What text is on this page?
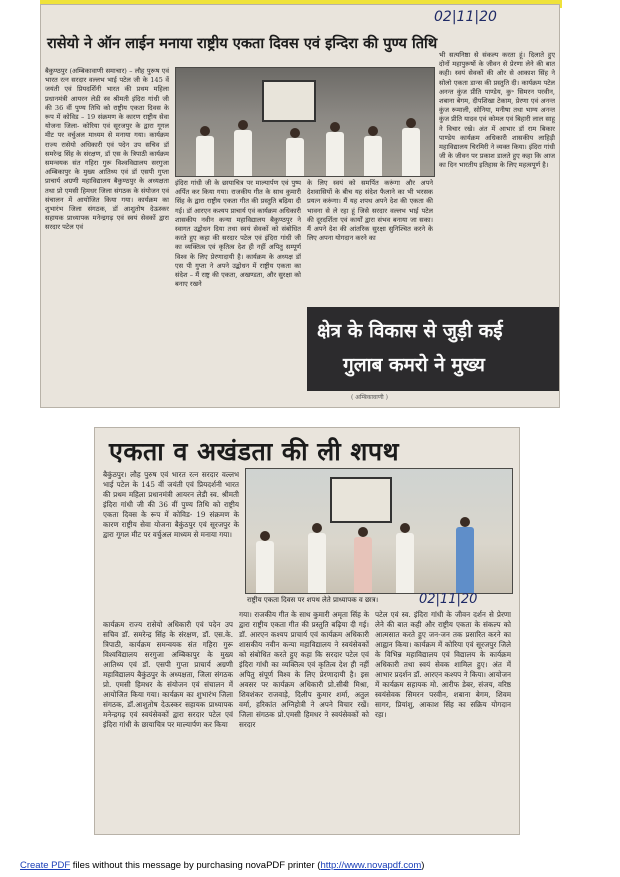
02|11|20
रासेयो ने ऑन लाईन मनाया राष्ट्रीय एकता दिवस एवं इन्दिरा की पुण्य तिथि

बैकुण्ठपुर (अम्बिकावाणी समाचार) – लौह पुरूष एवं भारत रत्न सरदार वल्लभ भाई पटेल जी के 145 वें जयंती एवं प्रियदर्शिनी भारत की प्रथम महिला प्रधानमंत्री आयरन लेडी स्व श्रीमती इंदिरा गांधी जी की 36 वीं पुण्य तिथि को राष्ट्रीय एकता दिवस के रूप में कोविड – 19 संक्रमण के कारण राष्ट्रीय सेवा योजना जिला- कोरिया एवं सूरजपुर के द्वारा गूगल मीट पर वर्चुअल माध्यम से मनाया गया। कार्यक्रम राज्य रासेयो अधिकारी एवं पदेन उप सचिव डॉ समरेन्द्र सिंह के संरक्षण, डॉ एस के त्रिपाठी कार्यक्रम समन्वयक संत गहिरा गुरू विश्वविद्यालय सरगुजा अम्बिकापुर के मुख्य आतिथ्य एवं डॉ एसपी गुप्ता प्राचार्य अग्रणी महाविद्यालय बैकुण्ठपुर के अध्यक्षता तथा प्रो एमसी हिमधर जिला संगठक के संयोजन एवं संचालन में आयोजित किया गया। कार्यक्रम का शुभारंभ जिला संगठक, डॉ आशुतोष देऊस्कर सहायक प्राध्यापक मनेन्द्रगढ़ एवं स्वयं सेवकों द्वारा सरदार पटेल एवं

इंदिरा गांधी जी के छायाचित्र पर माल्यार्पण एवं पुष्प अर्पित कर किया गया। राजकीय गीत के साथ कुमारी सिंह के द्वारा राष्ट्रीय एकता गीत की प्रस्तुति बढ़िया दी गई। डॉ आरएन कश्यप प्राचार्य एवं कार्यक्रम अधिकारी शासकीय नवीन कन्या महाविद्यालय बैकुण्ठपुर ने स्वागत उद्बोधन दिया तथा स्वयं सेवकों को संबोधित करते हुए कहा की सरदार पटेल एवं इंदिरा गांधी जी का व्यक्तित्व एवं कृतित्व देश ही नहीं अपितु सम्पूर्ण विश्व के लिए प्रेरणादायी है। कार्यक्रम के अध्यक्ष डॉ एस पी गुप्ता ने अपने उद्बोधन में राष्ट्रीय एकता का संदेश – मैं राष्ट्र की एकता, अखण्डता, और सुरक्षा को बनाए रखने

के लिए स्वयं को समर्पित करूंगा और अपने देशवासियों के बीच यह संदेश फैलाने का भी भरसक प्रयत्न करूंगा। मैं यह शपथ अपने देश की एकता की भावना से ले रहा हूं जिसे सरदार वल्लभ भाई पटेल की दूरदर्शिता एवं कार्यों द्वारा संभव बनाया जा सका। मैं अपने देश की आंतरिक सुरक्षा सुनिश्चित करने के लिए अपना योगदान करने का

भी सत्यनिष्ठा से संकल्प करता हूं। दिलाते हुए दोनों महापुरूषों के जीवन से प्रेरणा लेने की बात कही। स्वयं सेवकों की ओर से आकाश सिंह ने सोलो एकता डान्स की प्रस्तुति दी। कार्यक्रम पटेल अनन्त कुंज प्रीति पाण्डेय, कु॰ सिमरन परवीन, शबाना बेगम, दीपशिखा टेकाम, प्रेरणा एवं अनन्त कुंज रूमाली, सोनिया, मनीषा तथा भाग्य अनन्त कुंज प्रीति यादव एवं कोमल एवं बिहारी लाल साहू ने विचार रखे। अंत में आभार डॉ राम बिकार पाण्डेय कार्यक्रम अधिकारी शासकीय लाहिड़ी महाविद्यालय चिरमिरी ने व्यक्त किया। इंदिरा गांधी जी के जीवन पर प्रकाश डालते हुए कहा कि आज का दिन भारतीय इतिहास के लिए महत्वपूर्ण है।

क्षेत्र के विकास से जुड़ी कई
गुलाब कमरो ने मुख्य
( अम्बिकावाणी )
एकता व अखंडता की ली शपथ

बैकुंठपुर। लौह पुरुष एवं भारत रत्न सरदार वल्लभ भाई पटेल के 145 वीं जयंती एवं प्रियदर्शनी भारत की प्रथम महिला प्रधानमंत्री आयरन लेडी स्व. श्रीमती इंदिरा गांधी जी की 36 वीं पुण्य तिथि को राष्ट्रीय एकता दिवस के रूप में कोविड- 19 संक्रमण के कारण राष्ट्रीय सेवा योजना बैकुंठपुर एवं सूरजपुर के द्वारा गूगल मीट पर वर्चुअल माध्यम से मनाया गया।

राष्ट्रीय एकता दिवस पर शपथ लेते प्राध्यापक व छात्र।	02|11|20

कार्यक्रम राज्य रासेयो अधिकारी एवं पदेन उप सचिव डॉ. समरेन्द्र सिंह के संरक्षण, डॉ. एस.के. त्रिपाठी, कार्यक्रम समन्वयक संत गहिरा गुरू विश्वविद्यालय सरगुजा अम्बिकापुर के मुख्य आतिथ्य एवं डॉ. एसपी गुप्ता प्राचार्य अग्रणी महाविद्यालय बैकुंठपुर के अध्यक्षता, जिला संगठक प्रो. एमसी हिमधर के संयोजन एवं संचालन में आयोजित किया गया। कार्यक्रम का शुभारंभ जिला संगठक, डॉ.आशुतोष देऊस्कर सहायक प्राध्यापक मनेन्द्रगढ़ एवं स्वयंसेवकों द्वारा सरदार पटेल एवं इंदिरा गांधी के छायाचित्र पर माल्यार्पण कर किया

गया। राजकीय गीत के साथ कुमारी अमृता सिंह के द्वारा राष्ट्रीय एकता गीत की प्रस्तुति बढ़िया दी गई। डॉ. आरएन कश्यप प्राचार्य एवं कार्यक्रम अधिकारी शासकीय नवीन कन्या महाविद्यालय ने स्वयंसेवकों को संबोधित करते हुए कहा कि सरदार पटेल एवं इंदिरा गांधी का व्यक्तित्व एवं कृतित्व देश ही नहीं अपितु संपूर्ण विश्व के लिए प्रेरणादायी है। इस अवसर पर कार्यक्रम अधिकारी प्रो.सीबी मिश्रा, शिवशंकर राजवाड़े, दिलीप कुमार शर्मा, अतुल वर्मा, हरिकांत अग्निहोत्री ने अपने विचार रखें। जिला संगठक प्रो.एमसी हिमधर ने स्वयंसेवकों को सरदार

पटेल एवं स्व. इंदिरा गांधी के जीवन दर्शन से प्रेरणा लेने की बात कही और राष्ट्रीय एकता के संकल्प को आत्मसात करते हुए जन-जन तक प्रसारित करने का आह्वान किया। कार्यक्रम में कोरिया एवं सूरजपुर जिले के विभिन्न महाविद्यालय एवं विद्यालय के कार्यक्रम अधिकारी तथा स्वयं सेवक शामिल हुए। अंत में आभार प्रदर्शन डॉ. आरएन कश्यप ने किया। आयोजन में कार्यक्रम सहायक मो. आरीफ डेबर, संजय, वरिष्ठ स्वयंसेवक सिमरन परवीन, शबाना बेगम, शिवम सागर, प्रियांशु, आकाश सिंह का सक्रिय योगदान रहा।

Create PDF files without this message by purchasing novaPDF printer (http://www.novapdf.com)
